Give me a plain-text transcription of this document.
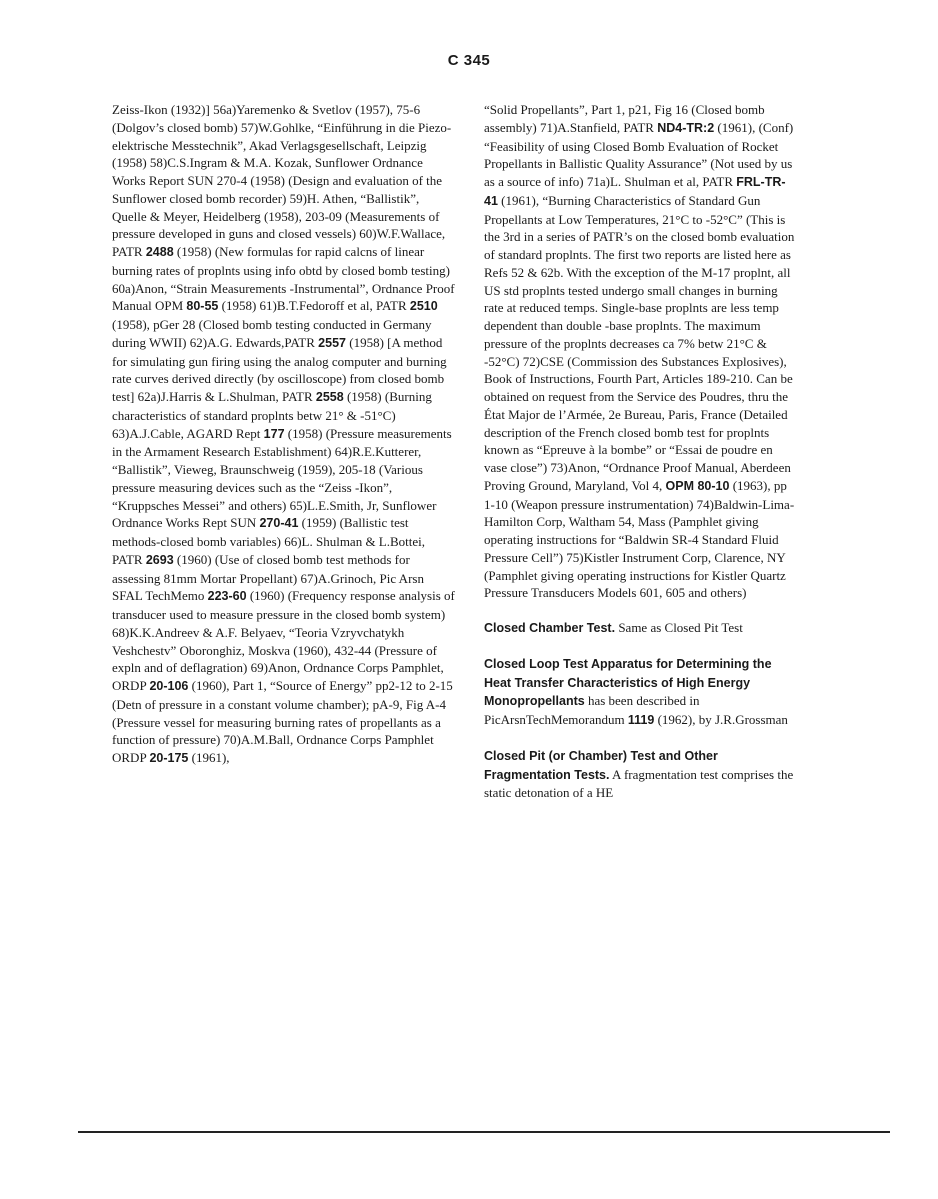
C 345

Zeiss-Ikon (1932)] 56a)Yaremenko & Svetlov (1957), 75-6 (Dolgov’s closed bomb) 57)W.Gohlke, “Einführung in die Piezo-elektrische Messtechnik”, Akad Verlagsgesellschaft, Leipzig (1958) 58)C.S.Ingram & M.A. Kozak, Sunflower Ordnance Works Report SUN 270-4 (1958) (Design and evaluation of the Sunflower closed bomb recorder) 59)H. Athen, “Ballistik”, Quelle & Meyer, Heidelberg (1958), 203-09 (Measurements of pressure developed in guns and closed vessels) 60)W.F.Wallace, PATR 2488 (1958) (New formulas for rapid calcns of linear burning rates of proplnts using info obtd by closed bomb testing) 60a)Anon, “Strain Measurements -Instrumental”, Ordnance Proof Manual OPM 80-55 (1958) 61)B.T.Fedoroff et al, PATR 2510 (1958), pGer 28 (Closed bomb testing conducted in Germany during WWII) 62)A.G. Edwards,PATR 2557 (1958) [A method for simulating gun firing using the analog computer and burning rate curves derived directly (by oscilloscope) from closed bomb test] 62a)J.Harris & L.Shulman, PATR 2558 (1958) (Burning characteristics of standard proplnts betw 21° & -51°C) 63)A.J.Cable, AGARD Rept 177 (1958) (Pressure measurements in the Armament Research Establishment) 64)R.E.Kutterer, “Ballistik”, Vieweg, Braunschweig (1959), 205-18 (Various pressure measuring devices such as the “Zeiss -Ikon”, “Kruppsches Messei” and others) 65)L.E.Smith, Jr, Sunflower Ordnance Works Rept SUN 270-41 (1959) (Ballistic test methods-closed bomb variables) 66)L. Shulman & L.Bottei, PATR 2693 (1960) (Use of closed bomb test methods for assessing 81mm Mortar Propellant) 67)A.Grinoch, Pic Arsn SFAL TechMemo 223-60 (1960) (Frequency response analysis of transducer used to measure pressure in the closed bomb system) 68)K.K.Andreev & A.F. Belyaev, “Teoria Vzryvchatykh Veshchestv” Oboronghiz, Moskva (1960), 432-44 (Pressure of expln and of deflagration) 69)Anon, Ordnance Corps Pamphlet, ORDP 20-106 (1960), Part 1, “Source of Energy” pp2-12 to 2-15 (Detn of pressure in a constant volume chamber); pA-9, Fig A-4 (Pressure vessel for measuring burning rates of propellants as a function of pressure) 70)A.M.Ball, Ordnance Corps Pamphlet ORDP 20-175 (1961),

“Solid Propellants”, Part 1, p21, Fig 16 (Closed bomb assembly) 71)A.Stanfield, PATR ND4-TR:2 (1961), (Conf) “Feasibility of using Closed Bomb Evaluation of Rocket Propellants in Ballistic Quality Assurance” (Not used by us as a source of info) 71a)L. Shulman et al, PATR FRL-TR-41 (1961), “Burning Characteristics of Standard Gun Propellants at Low Temperatures, 21°C to -52°C” (This is the 3rd in a series of PATR’s on the closed bomb evaluation of standard proplnts. The first two reports are listed here as Refs 52 & 62b. With the exception of the M-17 proplnt, all US std proplnts tested undergo small changes in burning rate at reduced temps. Single-base proplnts are less temp dependent than double -base proplnts. The maximum pressure of the proplnts decreases ca 7% betw 21°C & -52°C) 72)CSE (Commission des Substances Explosives), Book of Instructions, Fourth Part, Articles 189-210. Can be obtained on request from the Service des Poudres, thru the État Major de l’Armée, 2e Bureau, Paris, France (Detailed description of the French closed bomb test for proplnts known as “Epreuve à la bombe” or “Essai de poudre en vase close”) 73)Anon, “Ordnance Proof Manual, Aberdeen Proving Ground, Maryland, Vol 4, OPM 80-10 (1963), pp 1-10 (Weapon pressure instrumentation) 74)Baldwin-Lima-Hamilton Corp, Waltham 54, Mass (Pamphlet giving operating instructions for “Baldwin SR-4 Standard Fluid Pressure Cell”) 75)Kistler Instrument Corp, Clarence, NY (Pamphlet giving operating instructions for Kistler Quartz Pressure Transducers Models 601, 605 and others)

Closed Chamber Test. Same as Closed Pit Test

Closed Loop Test Apparatus for Determining the Heat Transfer Characteristics of High Energy Monopropellants has been described in PicArsnTechMemorandum 1119 (1962), by J.R.Grossman

Closed Pit (or Chamber) Test and Other Fragmentation Tests. A fragmentation test comprises the static detonation of a HE
